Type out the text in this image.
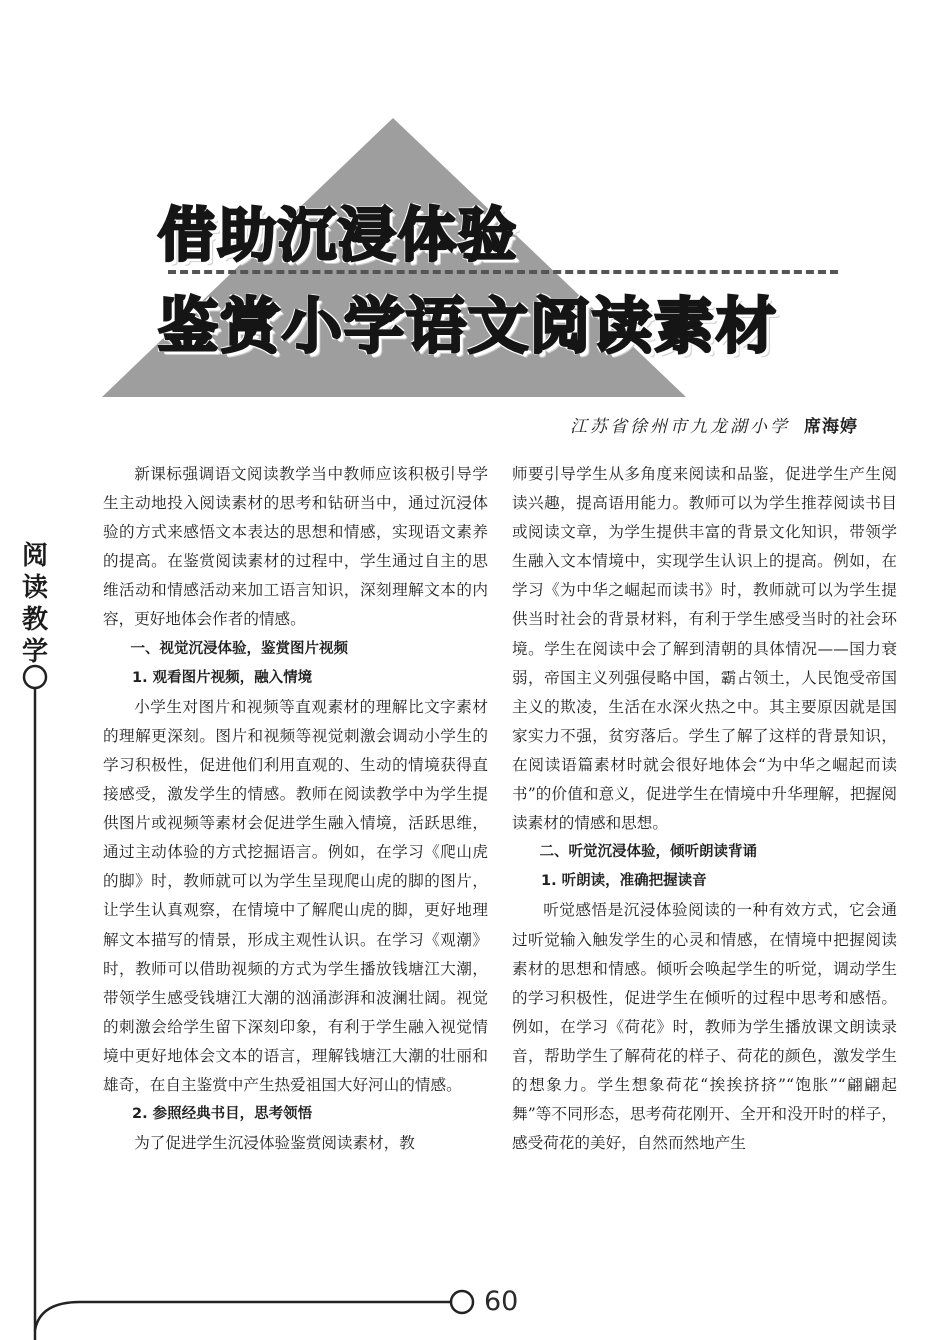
借助沉浸体验
鉴赏小学语文阅读素材
江苏省徐州市九龙湖小学 席海婷
阅读教学

新课标强调语文阅读教学当中教师应该积极引导学生主动地投入阅读素材的思考和钻研当中，通过沉浸体验的方式来感悟文本表达的思想和情感，实现语文素养的提高。在鉴赏阅读素材的过程中，学生通过自主的思维活动和情感活动来加工语言知识，深刻理解文本的内容，更好地体会作者的情感。

一、视觉沉浸体验，鉴赏图片视频
1. 观看图片视频，融入情境

小学生对图片和视频等直观素材的理解比文字素材的理解更深刻。图片和视频等视觉刺激会调动小学生的学习积极性，促进他们利用直观的、生动的情境获得直接感受，激发学生的情感。教师在阅读教学中为学生提供图片或视频等素材会促进学生融入情境，活跃思维，通过主动体验的方式挖掘语言。例如，在学习《爬山虎的脚》时，教师就可以为学生呈现爬山虎的脚的图片，让学生认真观察，在情境中了解爬山虎的脚，更好地理解文本描写的情景，形成主观性认识。在学习《观潮》时，教师可以借助视频的方式为学生播放钱塘江大潮，带领学生感受钱塘江大潮的汹涌澎湃和波澜壮阔。视觉的刺激会给学生留下深刻印象，有利于学生融入视觉情境中更好地体会文本的语言，理解钱塘江大潮的壮丽和雄奇，在自主鉴赏中产生热爱祖国大好河山的情感。

2. 参照经典书目，思考领悟

为了促进学生沉浸体验鉴赏阅读素材，教

师要引导学生从多角度来阅读和品鉴，促进学生产生阅读兴趣，提高语用能力。教师可以为学生推荐阅读书目或阅读文章，为学生提供丰富的背景文化知识，带领学生融入文本情境中，实现学生认识上的提高。例如，在学习《为中华之崛起而读书》时，教师就可以为学生提供当时社会的背景材料，有利于学生感受当时的社会环境。学生在阅读中会了解到清朝的具体情况——国力衰弱，帝国主义列强侵略中国，霸占领土，人民饱受帝国主义的欺凌，生活在水深火热之中。其主要原因就是国家实力不强，贫穷落后。学生了解了这样的背景知识，在阅读语篇素材时就会很好地体会“为中华之崛起而读书”的价值和意义，促进学生在情境中升华理解，把握阅读素材的情感和思想。

二、听觉沉浸体验，倾听朗读背诵
1. 听朗读，准确把握读音

听觉感悟是沉浸体验阅读的一种有效方式，它会通过听觉输入触发学生的心灵和情感，在情境中把握阅读素材的思想和情感。倾听会唤起学生的听觉，调动学生的学习积极性，促进学生在倾听的过程中思考和感悟。例如，在学习《荷花》时，教师为学生播放课文朗读录音，帮助学生了解荷花的样子、荷花的颜色，激发学生的想象力。学生想象荷花“挨挨挤挤”“饱胀”“翩翩起舞”等不同形态，思考荷花刚开、全开和没开时的样子，感受荷花的美好，自然而然地产生

60
